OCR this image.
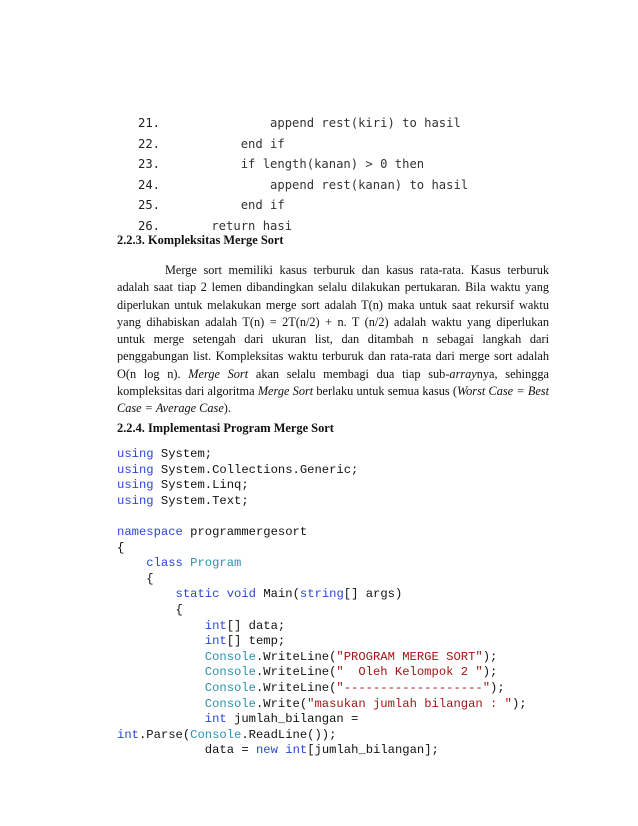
21.            append rest(kiri) to hasil
22.        end if
23.        if length(kanan) > 0 then
24.            append rest(kanan) to hasil
25.        end if
26.    return hasi
2.2.3. Kompleksitas Merge Sort

Merge sort memiliki kasus terburuk dan kasus rata-rata. Kasus terburuk adalah saat tiap 2 lemen dibandingkan selalu dilakukan pertukaran. Bila waktu yang diperlukan untuk melakukan merge sort adalah T(n) maka untuk saat rekursif waktu yang dihabiskan adalah T(n) = 2T(n/2) + n. T (n/2) adalah waktu yang diperlukan untuk merge setengah dari ukuran list, dan ditambah n sebagai langkah dari penggabungan list. Kompleksitas waktu terburuk dan rata-rata dari merge sort adalah O(n log n). Merge Sort akan selalu membagi dua tiap sub-arraynya, sehingga kompleksitas dari algoritma Merge Sort berlaku untuk semua kasus (Worst Case = Best Case = Average Case).

2.2.4. Implementasi Program Merge Sort
using System;
using System.Collections.Generic;
using System.Linq;
using System.Text;
namespace programmergesort
{
class Program
{
static void Main(string[] args)
{
int[] data;
int[] temp;
Console.WriteLine("PROGRAM MERGE SORT");
Console.WriteLine("  Oleh Kelompok 2 ");
Console.WriteLine("-------------------");
Console.Write("masukan jumlah bilangan : ");
int jumlah_bilangan =
int.Parse(Console.ReadLine());
data = new int[jumlah_bilangan];
